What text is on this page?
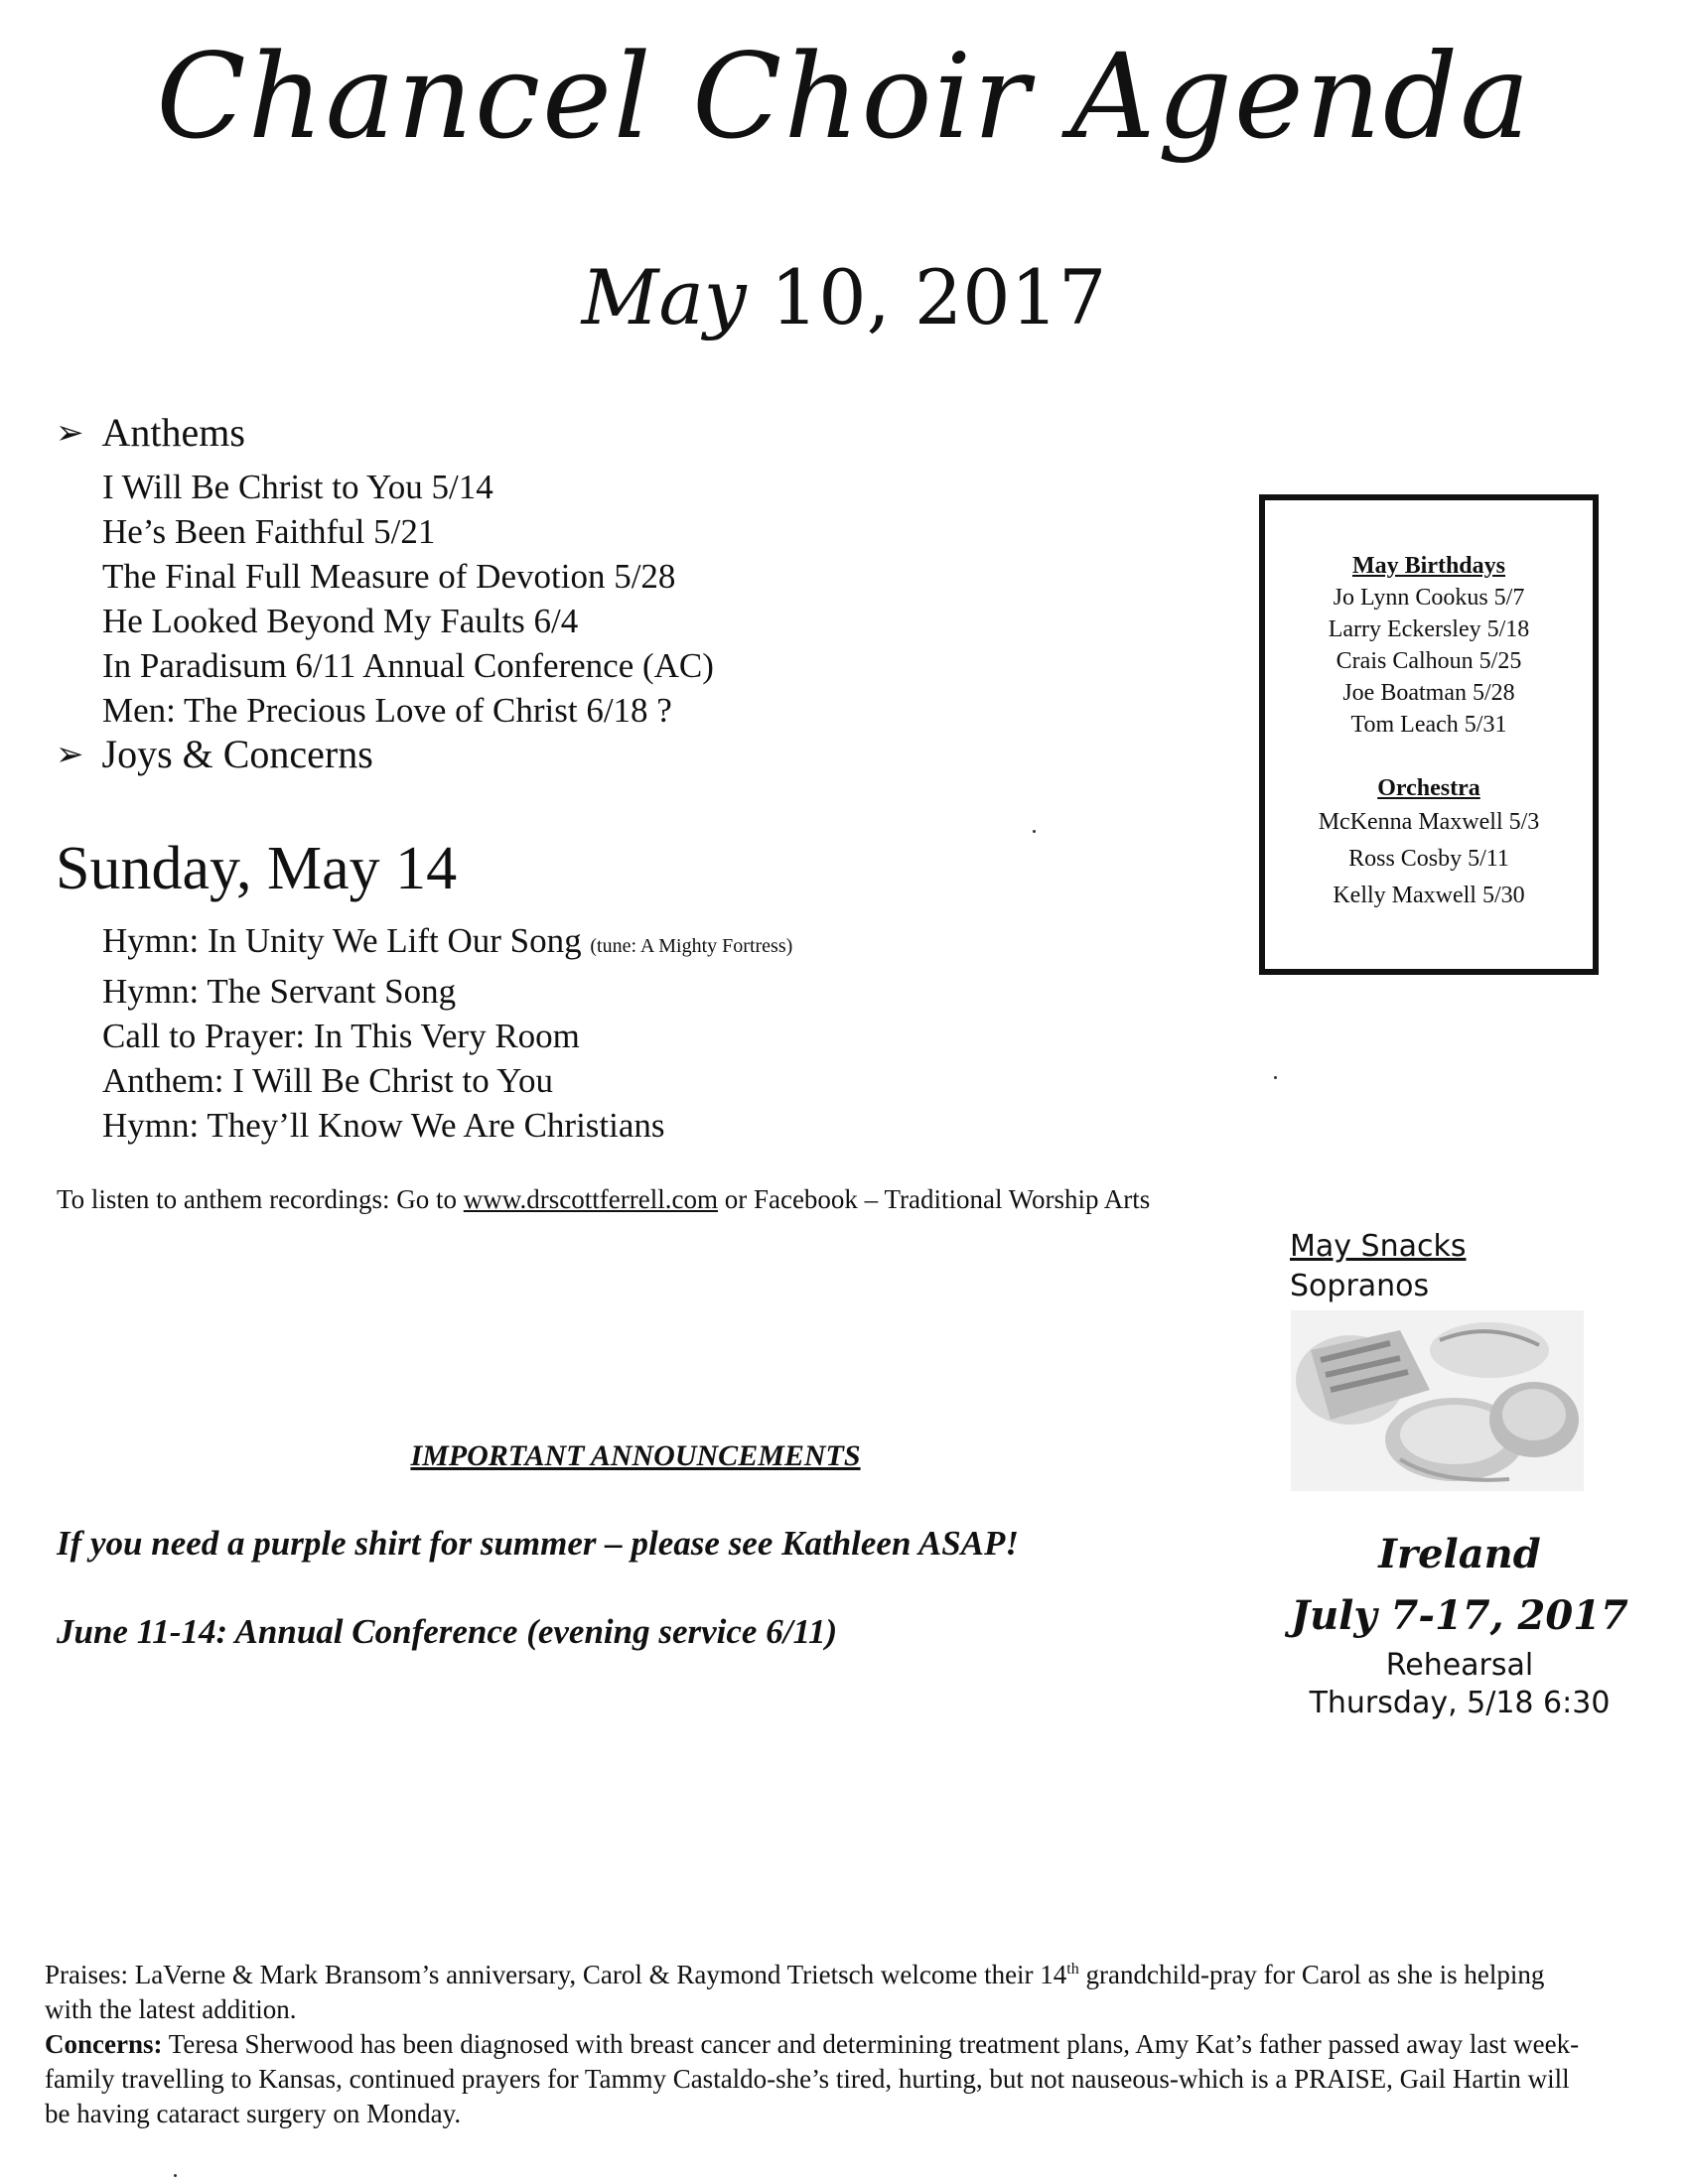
Chancel Choir Agenda
May 10, 2017
➢ Anthems
I Will Be Christ to You 5/14
He’s Been Faithful 5/21
The Final Full Measure of Devotion 5/28
He Looked Beyond My Faults 6/4
In Paradisum 6/11 Annual Conference (AC)
Men: The Precious Love of Christ 6/18 ?
➢ Joys & Concerns
Sunday, May 14
Hymn: In Unity We Lift Our Song (tune: A Mighty Fortress)
Hymn: The Servant Song
Call to Prayer: In This Very Room
Anthem: I Will Be Christ to You
Hymn: They’ll Know We Are Christians
To listen to anthem recordings: Go to www.drscottferrell.com or Facebook – Traditional Worship Arts
May Birthdays
Jo Lynn Cookus 5/7
Larry Eckersley 5/18
Crais Calhoun 5/25
Joe Boatman 5/28
Tom Leach 5/31
Orchestra
McKenna Maxwell 5/3
Ross Cosby 5/11
Kelly Maxwell 5/30
May Snacks
Sopranos
IMPORTANT ANNOUNCEMENTS
If you need a purple shirt for summer – please see Kathleen ASAP!
June 11-14: Annual Conference (evening service 6/11)
Ireland
July 7-17, 2017
Rehearsal
Thursday, 5/18 6:30
Praises: LaVerne & Mark Bransom’s anniversary, Carol & Raymond Trietsch welcome their 14th grandchild-pray for Carol as she is helping with the latest addition.
Concerns: Teresa Sherwood has been diagnosed with breast cancer and determining treatment plans, Amy Kat’s father passed away last week-family travelling to Kansas, continued prayers for Tammy Castaldo-she’s tired, hurting, but not nauseous-which is a PRAISE, Gail Hartin will be having cataract surgery on Monday.
